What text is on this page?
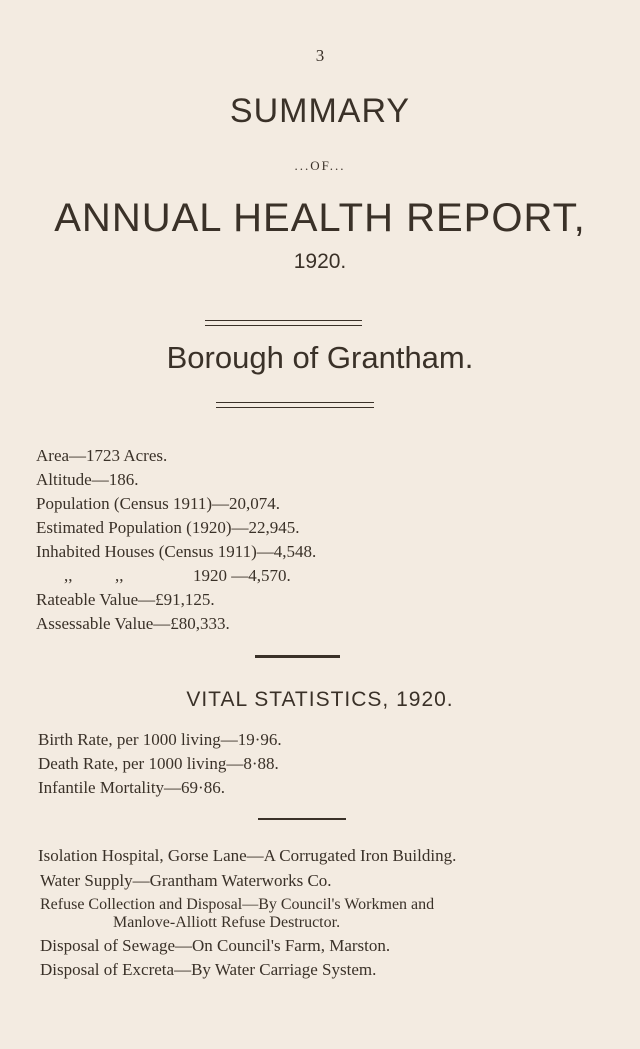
3
SUMMARY
...OF...
ANNUAL HEALTH REPORT,
1920.
Borough of Grantham.
Area—1723 Acres.
Altitude—186.
Population (Census 1911)—20,074.
Estimated Population (1920)—22,945.
Inhabited Houses (Census 1911)—4,548.
,,          ,,	1920 —4,570.
Rateable Value—£91,125.
Assessable Value—£80,333.
VITAL STATISTICS, 1920.
Birth Rate, per 1000 living—19·96.
Death Rate, per 1000 living—8·88.
Infantile Mortality—69·86.
Isolation Hospital, Gorse Lane—A Corrugated Iron Building.
Water Supply—Grantham Waterworks Co.
Refuse Collection and Disposal—By Council's Workmen and
Manlove-Alliott Refuse Destructor.
Disposal of Sewage—On Council's Farm, Marston.
Disposal of Excreta—By Water Carriage System.
